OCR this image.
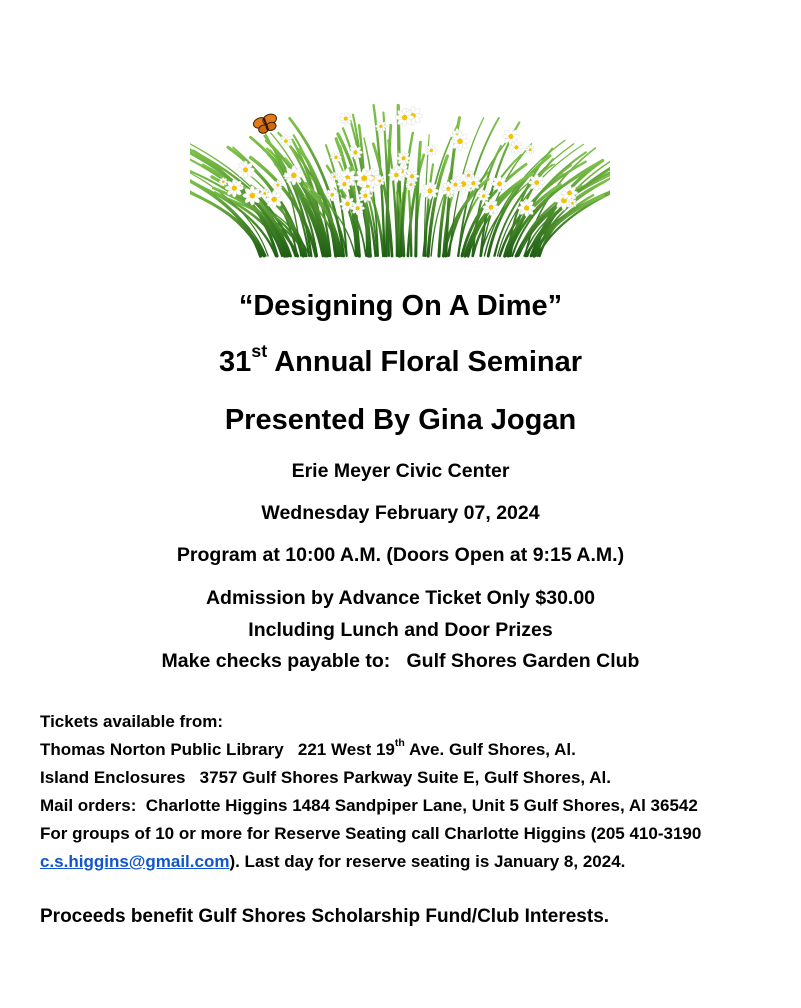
“Designing On A Dime”
31st Annual Floral Seminar
Presented By Gina Jogan
Erie Meyer Civic Center
Wednesday February 07, 2024
Program at 10:00 A.M. (Doors Open at 9:15 A.M.)
Admission by Advance Ticket Only $30.00
Including Lunch and Door Prizes
Make checks payable to:   Gulf Shores Garden Club
Tickets available from:
Thomas Norton Public Library   221 West 19th Ave. Gulf Shores, Al.
Island Enclosures   3757 Gulf Shores Parkway Suite E, Gulf Shores, Al.
Mail orders:  Charlotte Higgins 1484 Sandpiper Lane, Unit 5 Gulf Shores, Al 36542
For groups of 10 or more for Reserve Seating call Charlotte Higgins (205 410-3190
c.s.higgins@gmail.com). Last day for reserve seating is January 8, 2024.
Proceeds benefit Gulf Shores Scholarship Fund/Club Interests.
